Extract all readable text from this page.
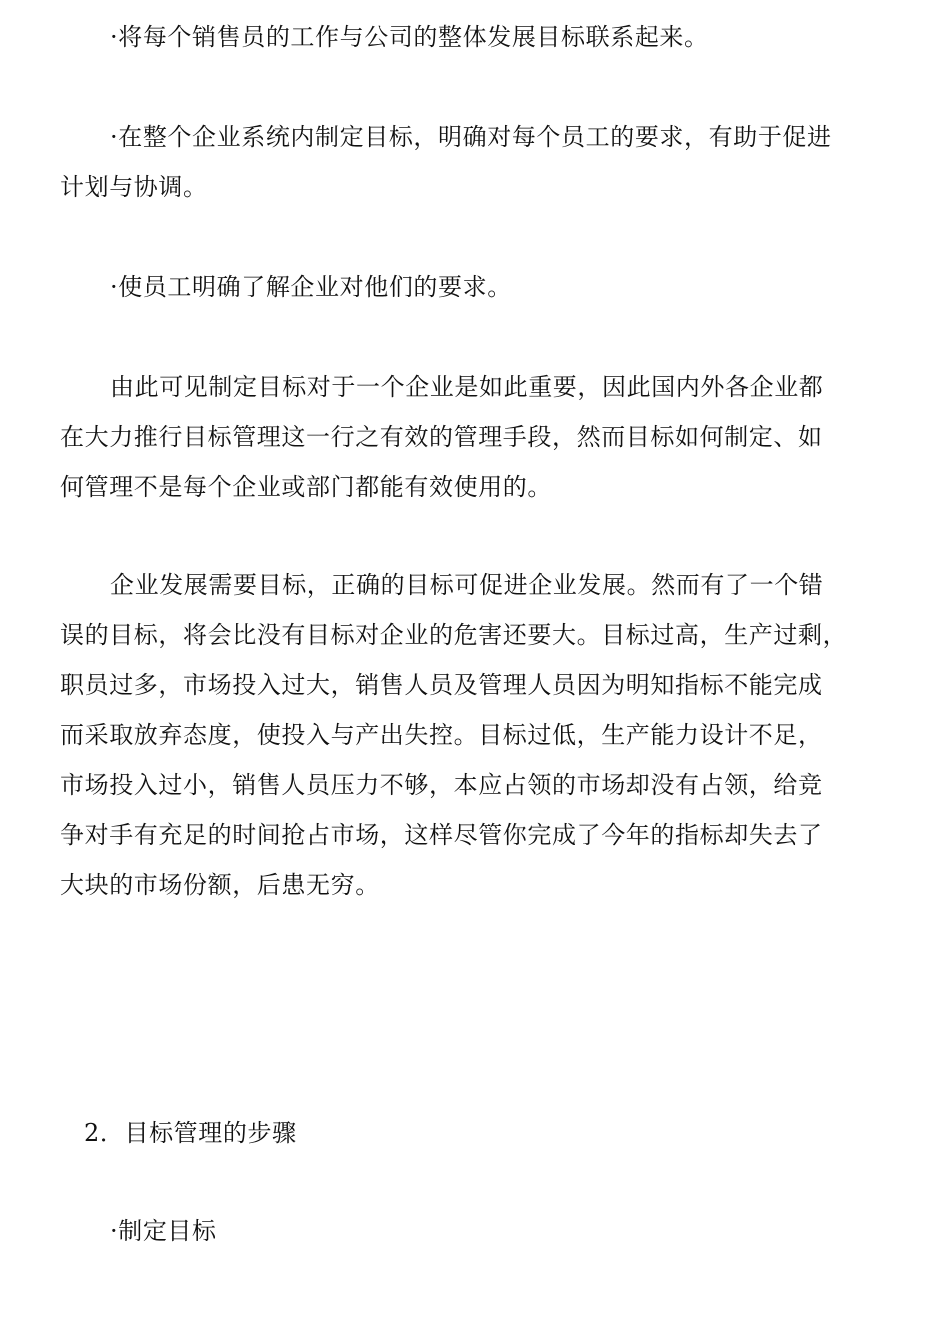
·将每个销售员的工作与公司的整体发展目标联系起来。
·在整个企业系统内制定目标，明确对每个员工的要求，有助于促进
计划与协调。
·使员工明确了解企业对他们的要求。
由此可见制定目标对于一个企业是如此重要，因此国内外各企业都
在大力推行目标管理这一行之有效的管理手段，然而目标如何制定、如
何管理不是每个企业或部门都能有效使用的。
企业发展需要目标，正确的目标可促进企业发展。然而有了一个错
误的目标，将会比没有目标对企业的危害还要大。目标过高，生产过剩，
职员过多，市场投入过大，销售人员及管理人员因为明知指标不能完成
而采取放弃态度，使投入与产出失控。目标过低，生产能力设计不足，
市场投入过小，销售人员压力不够，本应占领的市场却没有占领，给竞
争对手有充足的时间抢占市场，这样尽管你完成了今年的指标却失去了
大块的市场份额，后患无穷。
2．目标管理的步骤
·制定目标
